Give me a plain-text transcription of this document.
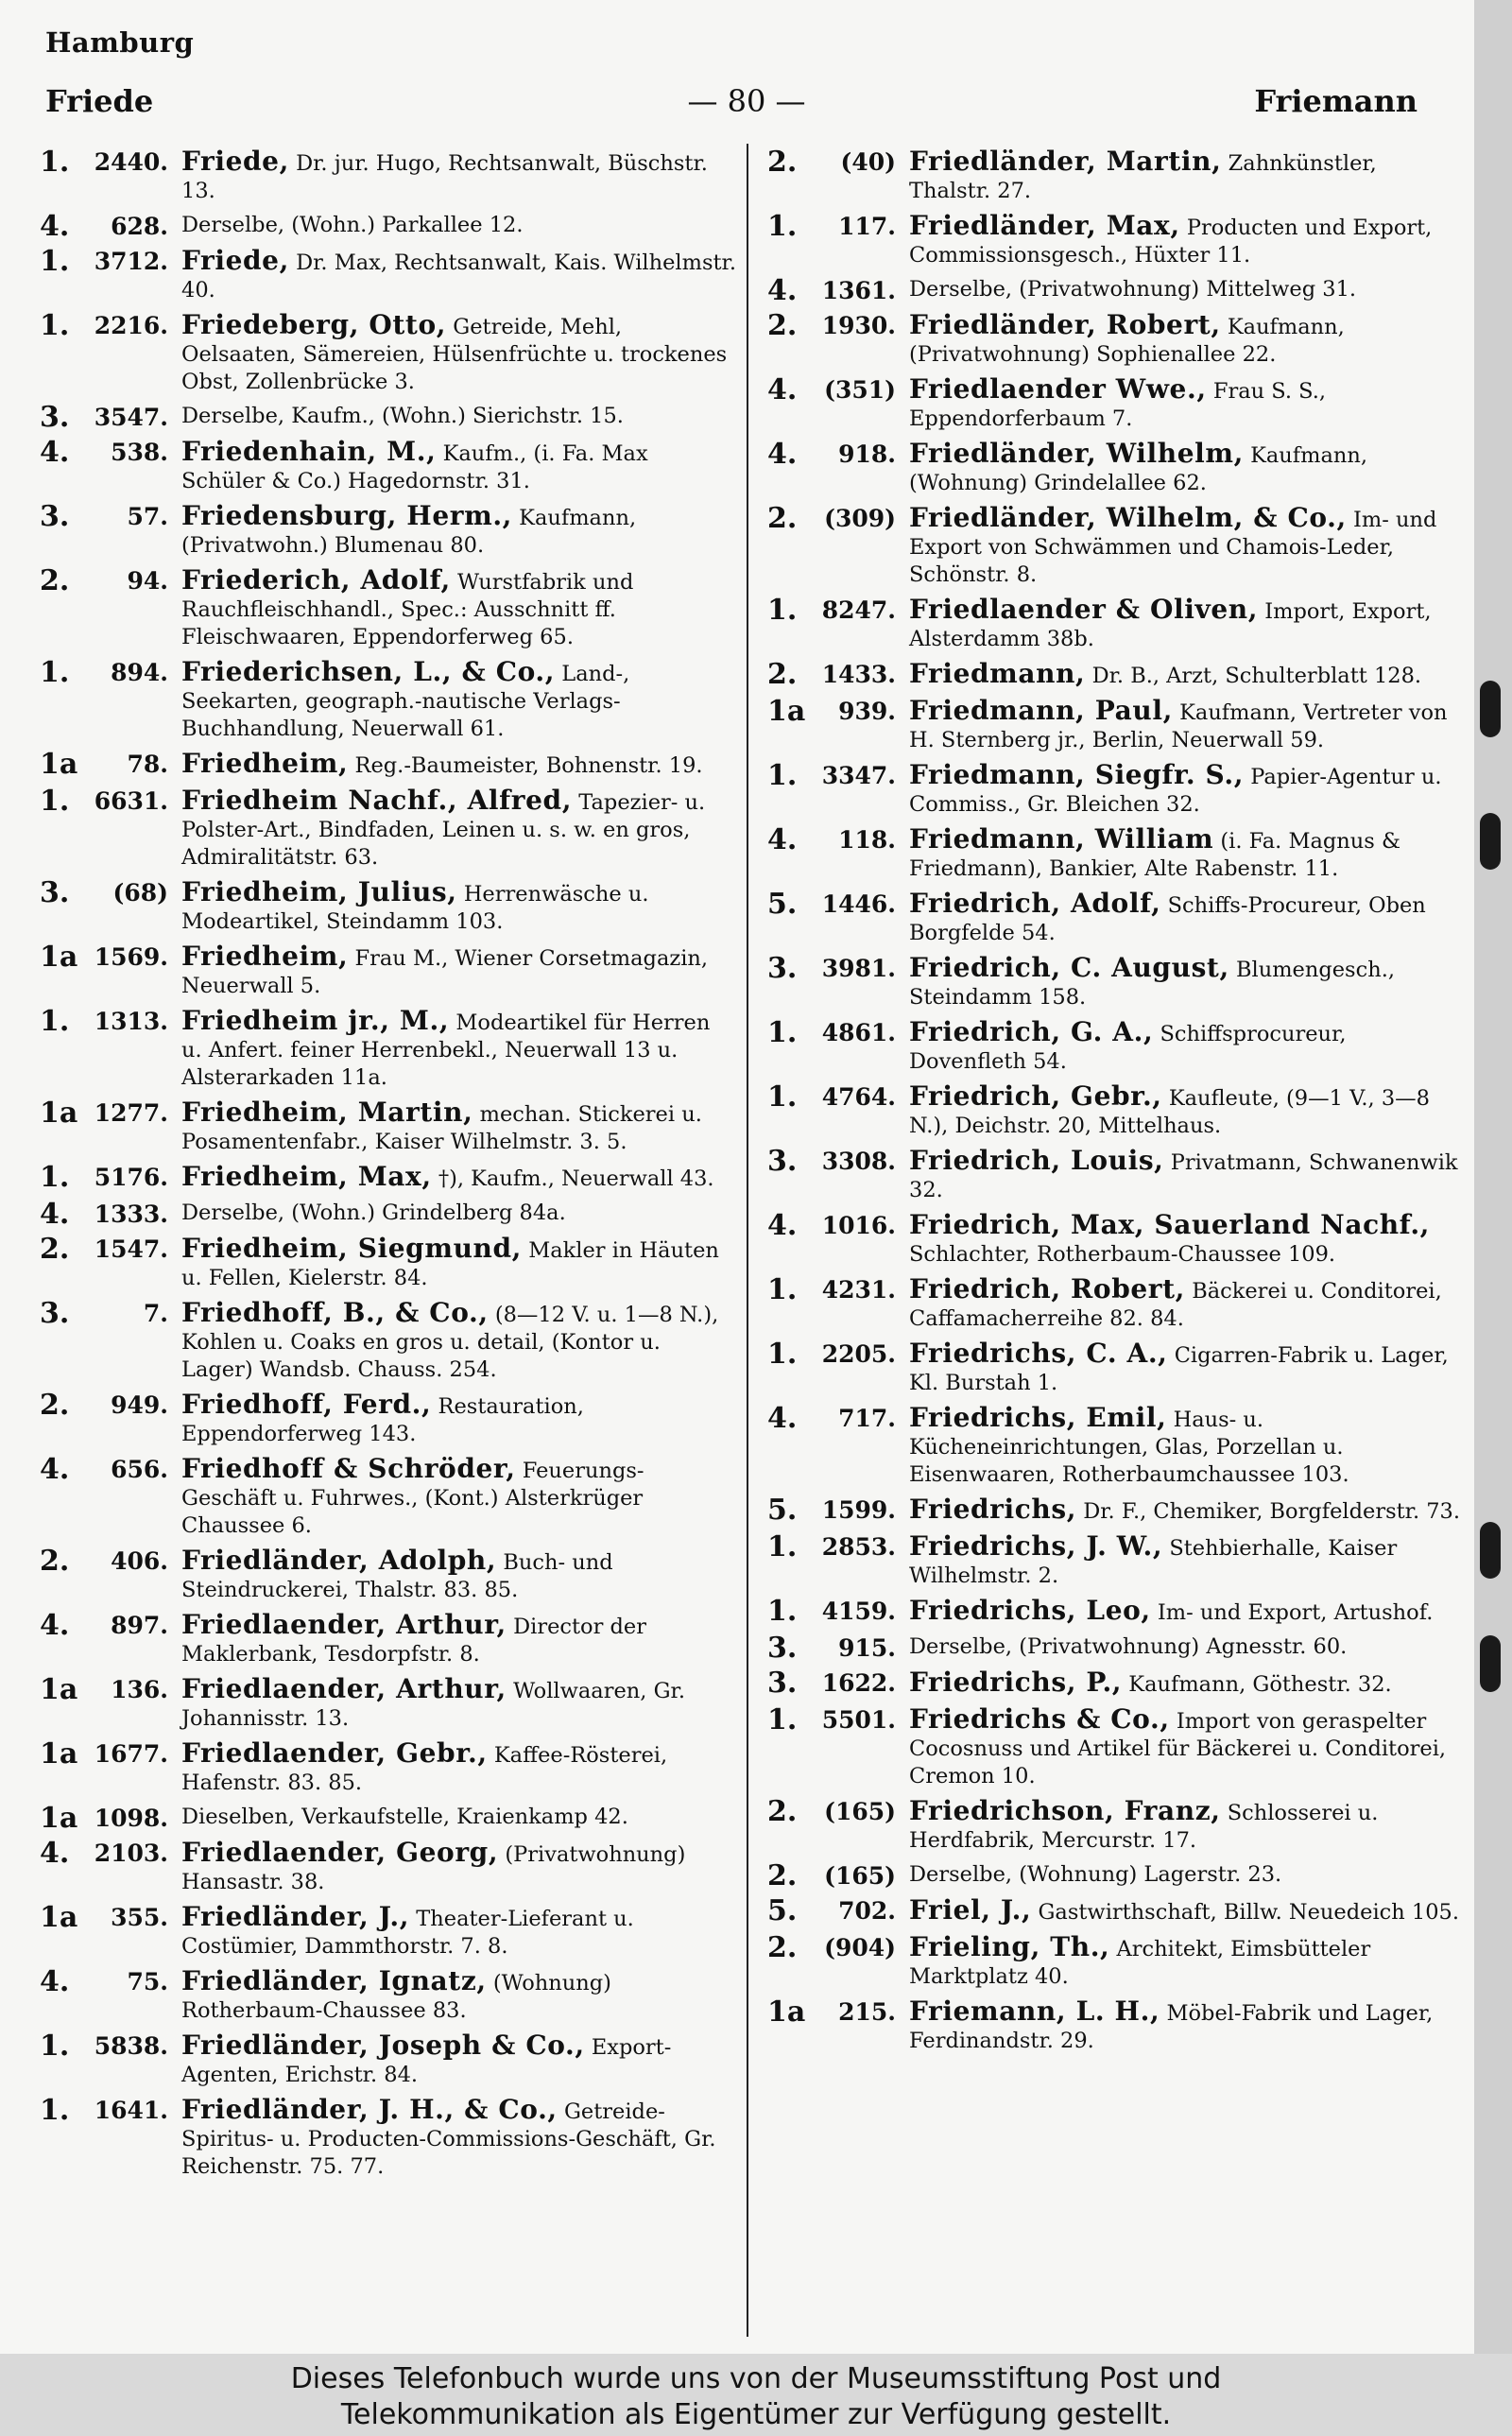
Hamburg
Friede	— 80 —	Friemann
1. 2440. Friede, Dr. jur. Hugo, Rechtsanwalt, Büschstr. 13.
4. 628. Derselbe, (Wohn.) Parkallee 12.
1. 3712. Friede, Dr. Max, Rechtsanwalt, Kais. Wilhelmstr. 40.
1. 2216. Friedeberg, Otto, Getreide, Mehl, Oelsaaten, Sämereien, Hülsenfrüchte u. trockenes Obst, Zollenbrücke 3.
3. 3547. Derselbe, Kaufm., (Wohn.) Sierichstr. 15.
4. 538. Friedenhain, M., Kaufm., (i. Fa. Max Schüler & Co.) Hagedornstr. 31.
3. 57. Friedensburg, Herm., Kaufmann, (Privatwohn.) Blumenau 80.
2. 94. Friederich, Adolf, Wurstfabrik und Rauchfleischhandl., Spec.: Ausschnitt ff. Fleischwaaren, Eppendorferweg 65.
1. 894. Friederichsen, L., & Co., Land-, Seekarten, geograph.-nautische Verlags-Buchhandlung, Neuerwall 61.
1a 78. Friedheim, Reg.-Baumeister, Bohnenstr. 19.
1. 6631. Friedheim Nachf., Alfred, Tapezier- u. Polster-Art., Bindfaden, Leinen u. s. w. en gros, Admiralitätstr. 63.
3. (68) Friedheim, Julius, Herrenwäsche u. Modeartikel, Steindamm 103.
1a 1569. Friedheim, Frau M., Wiener Corsetmagazin, Neuerwall 5.
1. 1313. Friedheim jr., M., Modeartikel für Herren u. Anfert. feiner Herrenbekl., Neuerwall 13 u. Alsterarkaden 11a.
1a 1277. Friedheim, Martin, mechan. Stickerei u. Posamentenfabr., Kaiser Wilhelmstr. 3. 5.
1. 5176. Friedheim, Max, †), Kaufm., Neuerwall 43.
4. 1333. Derselbe, (Wohn.) Grindelberg 84a.
2. 1547. Friedheim, Siegmund, Makler in Häuten u. Fellen, Kielerstr. 84.
3.	7. Friedhoff, B., & Co., (8—12 V. u. 1—8 N.), Kohlen u. Coaks en gros u. detail, (Kontor u. Lager) Wandsb. Chauss. 254.
2. 949. Friedhoff, Ferd., Restauration, Eppendorferweg 143.
4. 656. Friedhoff & Schröder, Feuerungs-Geschäft u. Fuhrwes., (Kont.) Alsterkrüger Chaussee 6.
2. 406. Friedländer, Adolph, Buch- und Steindruckerei, Thalstr. 83. 85.
4. 897. Friedlaender, Arthur, Director der Maklerbank, Tesdorpfstr. 8.
1a 136. Friedlaender, Arthur, Wollwaaren, Gr. Johannisstr. 13.
1a 1677. Friedlaender, Gebr., Kaffee-Rösterei, Hafenstr. 83. 85.
1a 1098. Dieselben, Verkaufstelle, Kraienkamp 42.
4. 2103. Friedlaender, Georg, (Privatwohnung) Hansastr. 38.
1a 355. Friedländer, J., Theater-Lieferant u. Costümier, Dammthorstr. 7. 8.
4. 75. Friedländer, Ignatz, (Wohnung) Rotherbaum-Chaussee 83.
1. 5838. Friedländer, Joseph & Co., Export-Agenten, Erichstr. 84.
1. 1641. Friedländer, J. H., & Co., Getreide-Spiritus- u. Producten-Commissions-Geschäft, Gr. Reichenstr. 75. 77.
2. (40) Friedländer, Martin, Zahnkünstler, Thalstr. 27.
1. 117. Friedländer, Max, Producten und Export, Commissionsgesch., Hüxter 11.
4. 1361. Derselbe, (Privatwohnung) Mittelweg 31.
2. 1930. Friedländer, Robert, Kaufmann, (Privatwohnung) Sophienallee 22.
4. (351) Friedlaender Wwe., Frau S. S., Eppendorferbaum 7.
4. 918. Friedländer, Wilhelm, Kaufmann, (Wohnung) Grindelallee 62.
2. (309) Friedländer, Wilhelm, & Co., Im- und Export von Schwämmen und Chamois-Leder, Schönstr. 8.
1. 8247. Friedlaender & Oliven, Import, Export, Alsterdamm 38b.
2. 1433. Friedmann, Dr. B., Arzt, Schulterblatt 128.
1a 939. Friedmann, Paul, Kaufmann, Vertreter von H. Sternberg jr., Berlin, Neuerwall 59.
1. 3347. Friedmann, Siegfr. S., Papier-Agentur u. Commiss., Gr. Bleichen 32.
4. 118. Friedmann, William (i. Fa. Magnus & Friedmann), Bankier, Alte Rabenstr. 11.
5. 1446. Friedrich, Adolf, Schiffs-Procureur, Oben Borgfelde 54.
3. 3981. Friedrich, C. August, Blumengesch., Steindamm 158.
1. 4861. Friedrich, G. A., Schiffsprocureur, Dovenfleth 54.
1. 4764. Friedrich, Gebr., Kaufleute, (9—1 V., 3—8 N.), Deichstr. 20, Mittelhaus.
3. 3308. Friedrich, Louis, Privatmann, Schwanenwik 32.
4. 1016. Friedrich, Max, Sauerland Nachf., Schlachter, Rotherbaum-Chaussee 109.
1. 4231. Friedrich, Robert, Bäckerei u. Conditorei, Caffamacherreihe 82. 84.
1. 2205. Friedrichs, C. A., Cigarren-Fabrik u. Lager, Kl. Burstah 1.
4. 717. Friedrichs, Emil, Haus- u. Kücheneinrichtungen, Glas, Porzellan u. Eisenwaaren, Rotherbaumchaussee 103.
5. 1599. Friedrichs, Dr. F., Chemiker, Borgfelderstr. 73.
1. 2853. Friedrichs, J. W., Stehbierhalle, Kaiser Wilhelmstr. 2.
1. 4159. Friedrichs, Leo, Im- und Export, Artushof.
3. 915. Derselbe, (Privatwohnung) Agnesstr. 60.
3. 1622. Friedrichs, P., Kaufmann, Göthestr. 32.
1. 5501. Friedrichs & Co., Import von geraspelter Cocosnuss und Artikel für Bäckerei u. Conditorei, Cremon 10.
2. (165) Friedrichson, Franz, Schlosserei u. Herdfabrik, Mercurstr. 17.
2. (165) Derselbe, (Wohnung) Lagerstr. 23.
5. 702. Friel, J., Gastwirthschaft, Billw. Neuedeich 105.
2. (904) Frieling, Th., Architekt, Eimsbütteler Marktplatz 40.
1a 215. Friemann, L. H., Möbel-Fabrik und Lager, Ferdinandstr. 29.
Dieses Telefonbuch wurde uns von der Museumsstiftung Post und
Telekommunikation als Eigentümer zur Verfügung gestellt.
